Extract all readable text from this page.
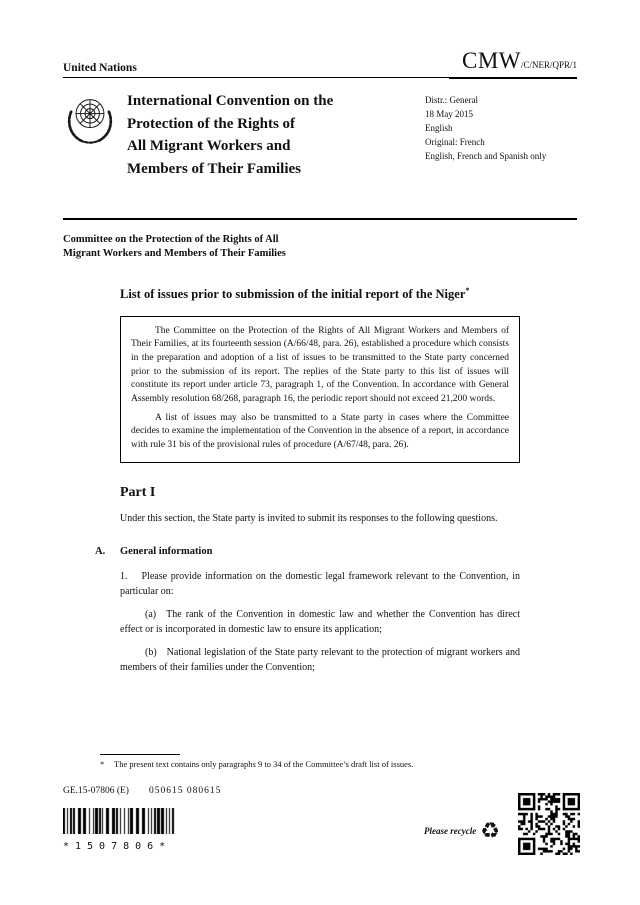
United Nations	CMW/C/NER/QPR/1
International Convention on the
Protection of the Rights of
All Migrant Workers and
Members of Their Families
Distr.: General
18 May 2015
English
Original: French
English, French and Spanish only
Committee on the Protection of the Rights of All
Migrant Workers and Members of Their Families
List of issues prior to submission of the initial report of the Niger*

The Committee on the Protection of the Rights of All Migrant Workers and Members of Their Families, at its fourteenth session (A/66/48, para. 26), established a procedure which consists in the preparation and adoption of a list of issues to be transmitted to the State party concerned prior to the submission of its report. The replies of the State party to this list of issues will constitute its report under article 73, paragraph 1, of the Convention. In accordance with General Assembly resolution 68/268, paragraph 16, the periodic report should not exceed 21,200 words.

A list of issues may also be transmitted to a State party in cases where the Committee decides to examine the implementation of the Convention in the absence of a report, in accordance with rule 31 bis of the provisional rules of procedure (A/67/48, para. 26).

Part I

Under this section, the State party is invited to submit its responses to the following questions.

A.	General information

1. Please provide information on the domestic legal framework relevant to the Convention, in particular on:

(a) The rank of the Convention in domestic law and whether the Convention has direct effect or is incorporated in domestic law to ensure its application;

(b) National legislation of the State party relevant to the protection of migrant workers and members of their families under the Convention;

*	The present text contains only paragraphs 9 to 34 of the Committee’s draft list of issues.
GE.15-07806 (E) 050615 080615
*1507806*
Please recycle ♻
